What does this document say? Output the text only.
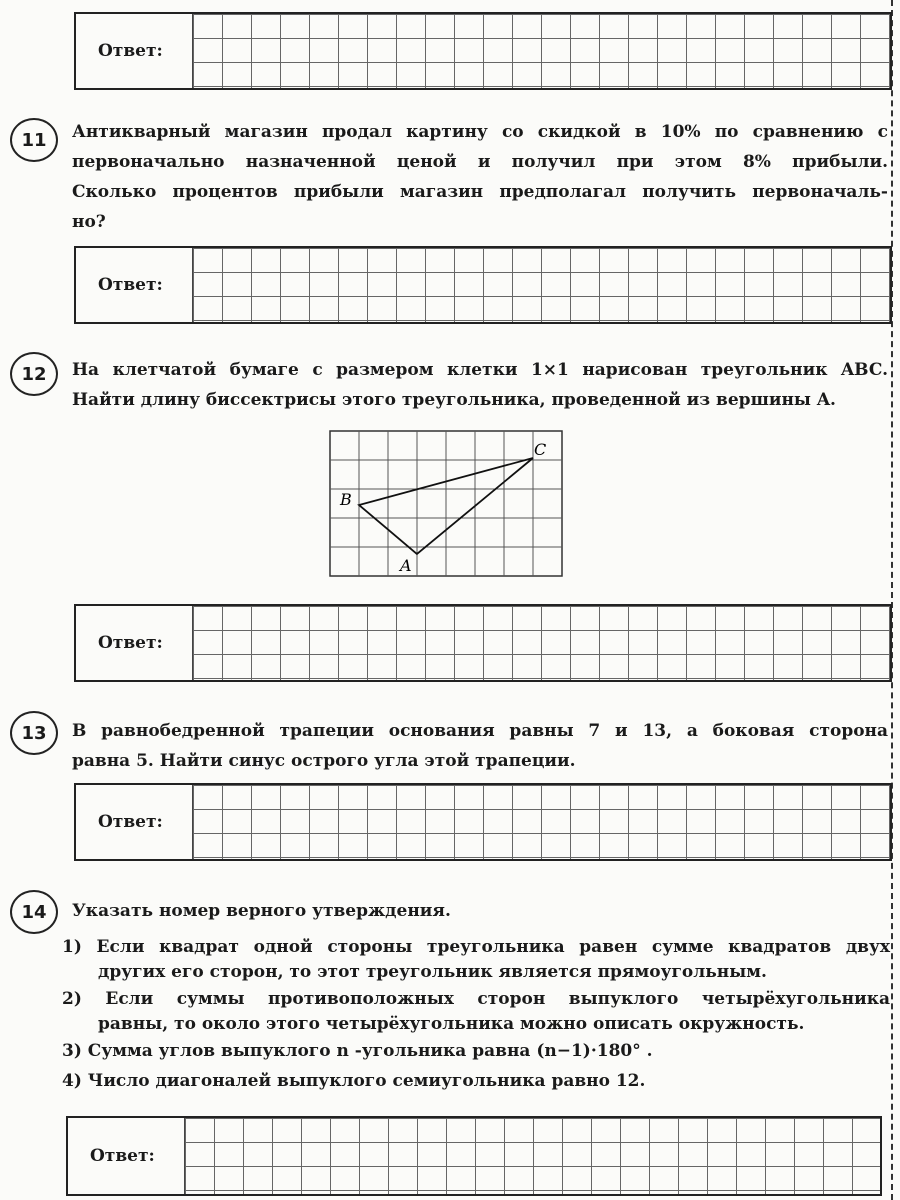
Ответ:
11	Антикварный магазин продал картину со скидкой в 10% по сравнению с
первоначально назначенной ценой и получил при этом 8% прибыли.
Сколько процентов прибыли магазин предполагал получить первоначаль-
но?
Ответ:
12	На клетчатой бумаге с размером клетки 1×1 нарисован треугольник ABC.
Найти длину биссектрисы этого треугольника, проведенной из вершины A.
A
B
C
Ответ:
13	В равнобедренной трапеции основания равны 7 и 13, а боковая сторона
равна 5. Найти синус острого угла этой трапеции.
Ответ:
14	Указать номер верного утверждения.
1) Если квадрат одной стороны треугольника равен сумме квадратов двух
других его сторон, то этот треугольник является прямоугольным.
2) Если суммы противоположных сторон выпуклого четырёхугольника
равны, то около этого четырёхугольника можно описать окружность.
3) Сумма углов выпуклого n -угольника равна (n−1)·180° .
4) Число диагоналей выпуклого семиугольника равно 12.
Ответ:
